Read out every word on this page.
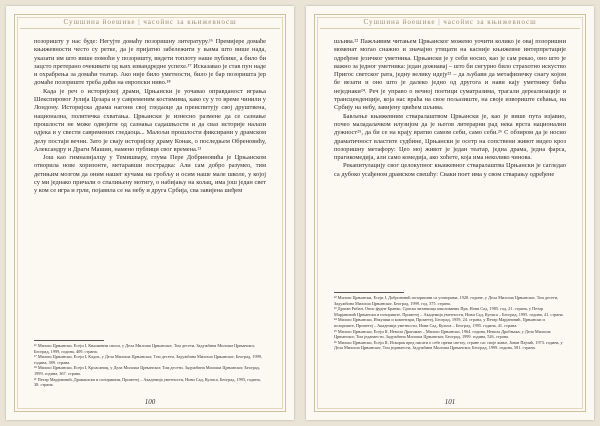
Сушшина йоешике | часойис за књижевносш

позоришту у нас буде: Негујте домаћу позоришну литературу.¹⁶ Премијере домаће књижевности често су ретке, да је пријатно забележити у њима што више нада, указати им што више помоћи у позоришту, видети топлоту наше публике, а било би зацсто претерано очекивати од њих извандредне успехе.¹⁷ Исказавао је став пун наде и охрабрења за домаћи театар. Ако није било уметности, било је бар позоришта јер домаће позориште треба дићи на европски ниво.¹⁸

Када је реч о историјској драми, Црњански је уочавао оправданост играња Шекспировог Јулија Цезара и у савременим костимима, како су у то време чинили у Лондону. Историјска драма нагони свој гледаоце да преиспитују свој друштвена, национална, политичка схватања. Црњански је изнесно размене да се сазнање прошлости не може одвојити од сазнања садашњости и да сваз историје налази одјека и у свести савремених гледаоца... Малољи прошлости фиксирани у драмском делу постаји вечни. Зато је свају историјску драму Конак, о последњем Обреновићу, Александру и Драги Машин, намено публици свог времена.²¹

Још као гимназијалцу у Темишвару, глума Пере Добриновића је Црњанском отворила нове хоризонте, метаравши пострадка: Али сам добро разумео, тим детињим мозгом да оним нашег кучама на гробљу и осим наше мале школе, у којој су ми једнако причали о спалињену мотигу, о набијању на колац, има још један свет у ком се игра и грли, појавила се на небу и друга Србија, сва завијена шеђем

¹⁶ Милош Црњански, Есеји I, Књижевни списи, у Дела Милоша Црњанског, Том десети, Задужбина Милоша Црњанског, Београд, 1999, година, 409. страна.
¹⁷ Милош Црњански, Есеји I, Кадок, у Дела Милоша Црњанског, Том десети, Задужбина Милоша Црњанског, Београд, 1999, година, 389. страна.
¹⁸ Милош Црњански, Есеји I, Кроасаниц, у Дела Милоша Црњанског, Том десети, Задужбина Милоша Црњанског, Београд, 1999, година, 367. страна.
²¹ Петар Марјановић, Драмашски и позоришни, Прометеј – Академија уметности, Нови Сад, Кулиса, Београд, 1995, година, 38. страна.
100
Сушшина йоешике | часойис за књижевносш

шљива.²² Пажљивим читањем Црњанског можемо уочити колико је оваj позоришни моменат могао снажно и значајно утицати на касније књижевне интерпретације одређене језичког уметника. Црњански је у себи носио, као је сам рекао, оно што је важно за једног уметника: један дожнавај – што би сигурно било страхотно искуство Пригос светског рата, једну велику идеју²³ – да љубави да метафизичку снагу којом бе везати и оно што је далеко једно од другога и нави кају уметнику бића неједнаки²⁴. Реч је управо о вечној поетици суматразима, трагали дереализације и трансценденције, која нас враћа на свое пољазиште, на своје извориште сећања, на Србију на небу, завијену цвећем шљива.

Бављење књижевним стваралаштвом Црњански је, као је више пута изјавио, почео маладалачком илузијом да је његов литерарни рад нека врста национални дужност²⁵, да би се на крају вратио самом себи, само себи.²⁶ С обзиром да је носио драматичност властите судбине, Црњански је осетр на сопствени живот видео кроз позоришну метафору: Цео мој живот је један театар, једна драма, једна фарса, прагикомедија, али само комедија, ако хоћете, која има неколико чинова.

Рекапитулацију свог целокупног књижевног стваралаштва Црњански је сагледао са дубоко усађеном драмском свешћу: Сваки поет има у свом стварању одређене

²² Милош Црњански, Есеји I, Доброновић позоришни са уговорима, 1928. године, у Дела Милоша Црњанског, Том десети, Задужбина Милоша Црњанског, Београд, 1999. год, 375. страна.
²³ Драган Рибан, Опис фудне Бранко, Српска читанкица школованих Пра, Нови Сад, 1985. год, 21. страна, у Петар Марјановић Црњански и позориште, Прометеј – Академија уметности, Нови Сад, Кулиса – Београд, 1995. година, 41. страна.
²⁴ Милош Црњански, Изкушки и коментари, Прометеј, Београд, 1959, 24. страна, у Петар Марјановић, Црњански и позориште, Прометеј – Академија уметности, Нови Сад, Кулиса – Београд, 1995. година, 41. страна.
²⁵ Милош Црњански, Есеји II, Невола Драгоман – Милош Црњански, 1964. година, Невола Дробњака, у Дела Милоша Црњанског, Том једанаести, Задужбина Милоша Црњанског, Београд, 1999. година, 526. страна.
²⁶ Милош Црњански, Есеји II, Искорак пред писати о себе према светлу, стране сас своје жање, Јован Пајчић, 1973. година, у Дела Милоша Црњанског, Том једанаести, Задужбина Милоша Црњанског, Београд, 1999. година, 581. страна.
101
